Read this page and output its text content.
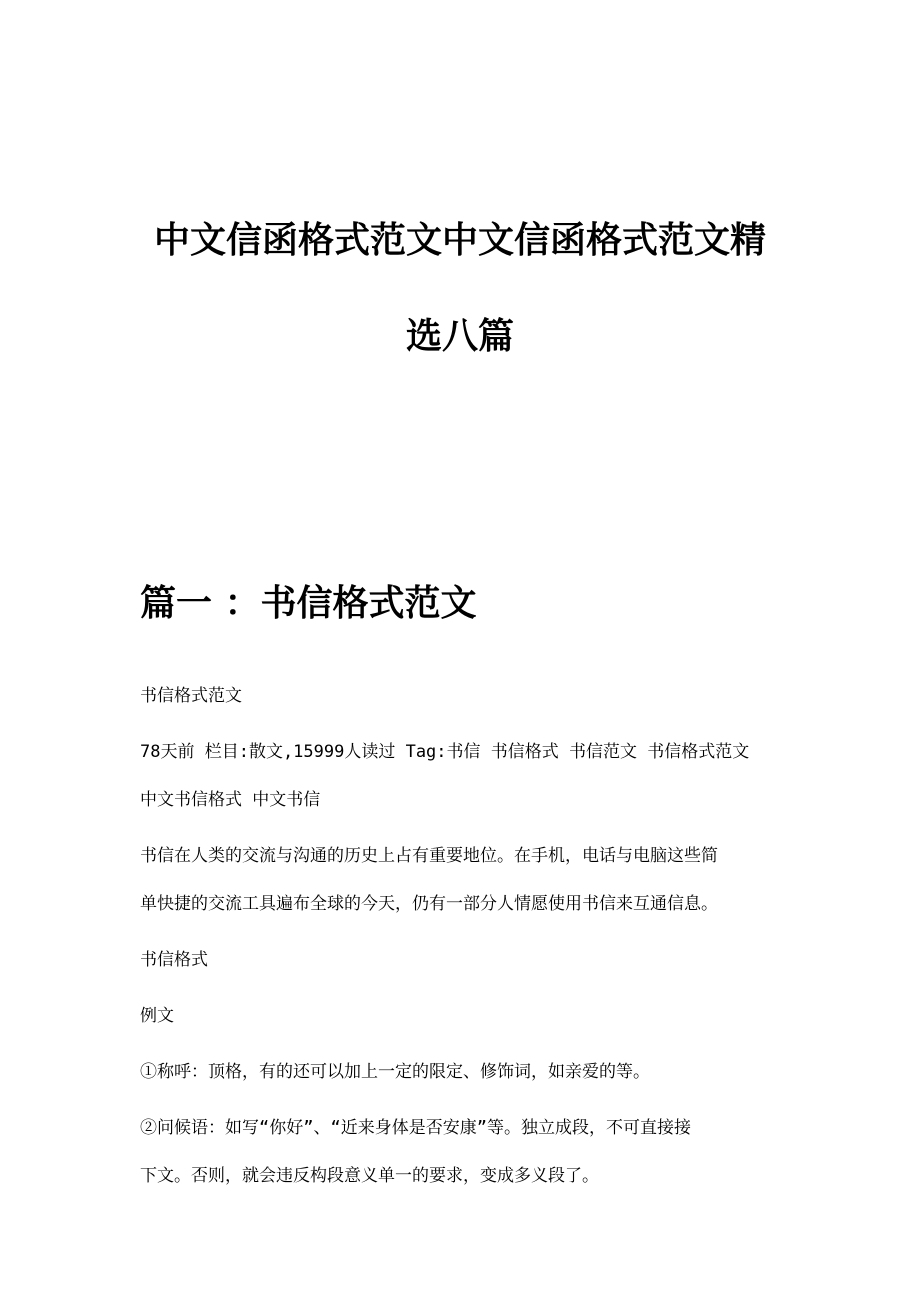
中文信函格式范文中文信函格式范文精
选八篇
篇一 ：书信格式范文
书信格式范文
78天前 栏目:散文,15999人读过 Tag:书信 书信格式 书信范文 书信格式范文
中文书信格式 中文书信
书信在人类的交流与沟通的历史上占有重要地位。在手机，电话与电脑这些简
单快捷的交流工具遍布全球的今天，仍有一部分人情愿使用书信来互通信息。
书信格式
例文
①称呼：顶格，有的还可以加上一定的限定、修饰词，如亲爱的等。
②问候语：如写“你好”、“近来身体是否安康”等。独立成段，不可直接接
下文。否则，就会违反构段意义单一的要求，变成多义段了。
